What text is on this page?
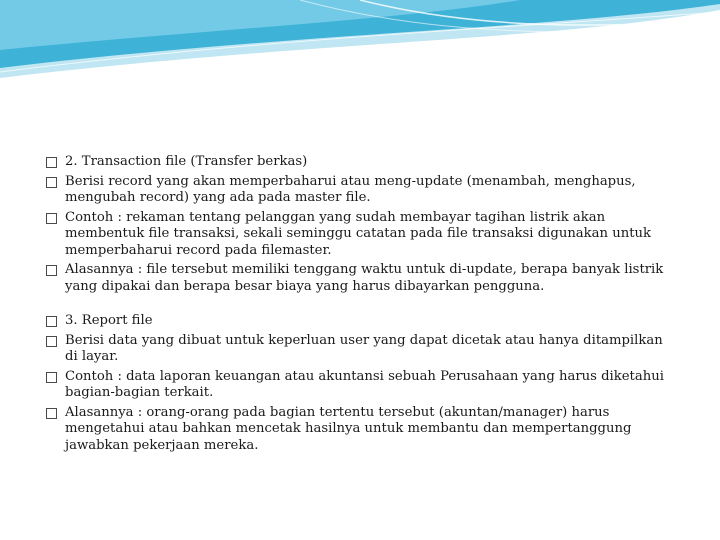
2. Transaction file (Transfer berkas)
Berisi record yang akan memperbaharui atau meng-update (menambah, menghapus, mengubah record) yang ada pada master file.
Contoh : rekaman tentang pelanggan yang sudah membayar tagihan listrik akan membentuk file transaksi, sekali seminggu catatan pada file transaksi digunakan untuk memperbaharui record pada filemaster.
Alasannya : file tersebut memiliki tenggang waktu untuk di-update, berapa banyak listrik yang dipakai dan berapa besar biaya yang harus dibayarkan pengguna.
3. Report file
Berisi data yang dibuat untuk keperluan user yang dapat dicetak atau hanya ditampilkan di layar.
Contoh : data laporan keuangan atau akuntansi sebuah Perusahaan yang harus diketahui bagian-bagian terkait.
Alasannya : orang-orang pada bagian tertentu tersebut (akuntan/manager) harus mengetahui atau bahkan mencetak hasilnya untuk membantu dan mempertanggung jawabkan pekerjaan mereka.
